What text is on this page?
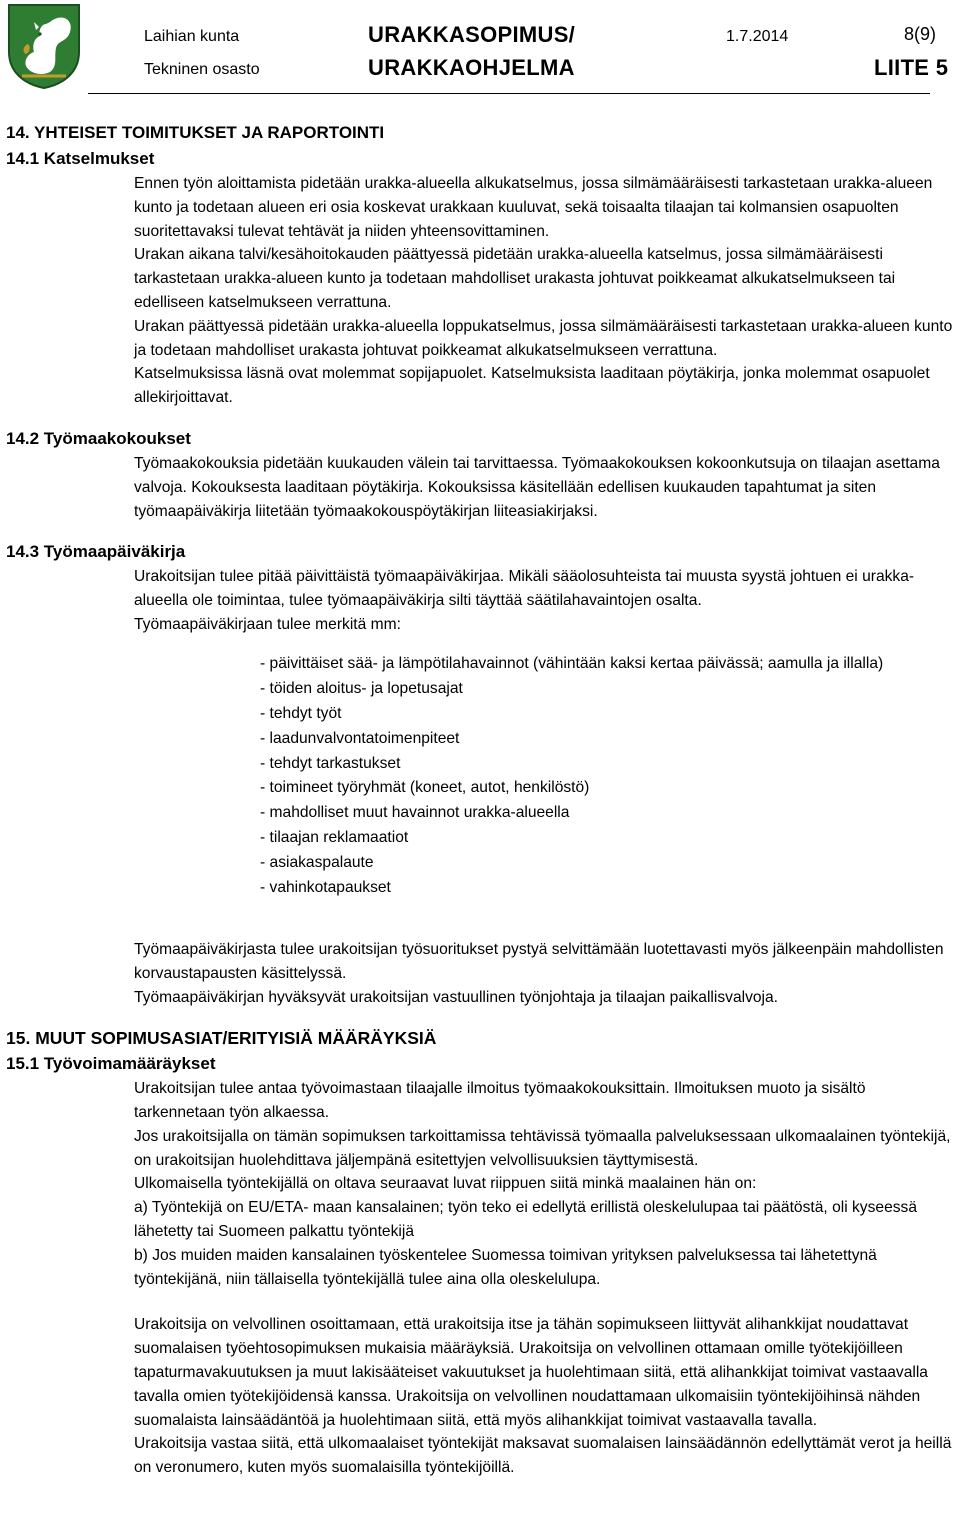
Laihian kunta
Tekninen osasto
URAKKASOPIMUS/
URAKKAOHJELMA
1.7.2014	8(9)
LIITE 5
14. YHTEISET TOIMITUKSET JA RAPORTOINTI
14.1 Katselmukset

Ennen työn aloittamista pidetään urakka-alueella alkukatselmus, jossa silmämääräisesti tarkastetaan urakka-alueen kunto ja todetaan alueen eri osia koskevat urakkaan kuuluvat, sekä toisaalta tilaajan tai kolmansien osapuolten suoritettavaksi tulevat tehtävät ja niiden yhteensovittaminen.

Urakan aikana talvi/kesähoitokauden päättyessä pidetään urakka-alueella katselmus, jossa silmämääräisesti tarkastetaan urakka-alueen kunto ja todetaan mahdolliset urakasta johtuvat poikkeamat alkukatselmukseen tai edelliseen katselmukseen verrattuna.

Urakan päättyessä pidetään urakka-alueella loppukatselmus, jossa silmämääräisesti tarkastetaan urakka-alueen kunto ja todetaan mahdolliset urakasta johtuvat poikkeamat alkukatselmukseen verrattuna.

Katselmuksissa läsnä ovat molemmat sopijapuolet. Katselmuksista laaditaan pöytäkirja, jonka molemmat osapuolet allekirjoittavat.

14.2 Työmaakokoukset

Työmaakokouksia pidetään kuukauden välein tai tarvittaessa. Työmaakokouksen kokoonkutsuja on tilaajan asettama valvoja. Kokouksesta laaditaan pöytäkirja. Kokouksissa käsitellään edellisen kuukauden tapahtumat ja siten työmaapäiväkirja liitetään työmaakokouspöytäkirjan liiteasiakirjaksi.

14.3 Työmaapäiväkirja

Urakoitsijan tulee pitää päivittäistä työmaapäiväkirjaa. Mikäli sääolosuhteista tai muusta syystä johtuen ei urakka-alueella ole toimintaa, tulee työmaapäiväkirja silti täyttää säätilahavaintojen osalta.

Työmaapäiväkirjaan tulee merkitä mm:

- päivittäiset sää- ja lämpötilahavainnot (vähintään kaksi kertaa päivässä; aamulla ja illalla)
- töiden aloitus- ja lopetusajat
- tehdyt työt
- laadunvalvontatoimenpiteet
- tehdyt tarkastukset
- toimineet työryhmät (koneet, autot, henkilöstö)
- mahdolliset muut havainnot urakka-alueella
- tilaajan reklamaatiot
- asiakaspalaute
- vahinkotapaukset

Työmaapäiväkirjasta tulee urakoitsijan työsuoritukset pystyä selvittämään luotettavasti myös jälkeenpäin mahdollisten korvaustapausten käsittelyssä.

Työmaapäiväkirjan hyväksyvät urakoitsijan vastuullinen työnjohtaja ja tilaajan paikallisvalvoja.

15. MUUT SOPIMUSASIAT/ERITYISIÄ MÄÄRÄYKSIÄ
15.1 Työvoimamääräykset

Urakoitsijan tulee antaa työvoimastaan tilaajalle ilmoitus työmaakokouksittain. Ilmoituksen muoto ja sisältö tarkennetaan työn alkaessa.

Jos urakoitsijalla on tämän sopimuksen tarkoittamissa tehtävissä työmaalla palveluksessaan ulkomaalainen työntekijä, on urakoitsijan huolehdittava jäljempänä esitettyjen velvollisuuksien täyttymisestä.

Ulkomaisella työntekijällä on oltava seuraavat luvat riippuen siitä minkä maalainen hän on:

a) Työntekijä on EU/ETA- maan kansalainen; työn teko ei edellytä erillistä oleskelulupaa tai päätöstä, oli kyseessä lähetetty tai Suomeen palkattu työntekijä

b) Jos muiden maiden kansalainen työskentelee Suomessa toimivan yrityksen palveluksessa tai lähetettynä työntekijänä, niin tällaisella työntekijällä tulee aina olla oleskelulupa.

Urakoitsija on velvollinen osoittamaan, että urakoitsija itse ja tähän sopimukseen liittyvät alihankkijat noudattavat suomalaisen työehtosopimuksen mukaisia määräyksiä. Urakoitsija on velvollinen ottamaan omille työtekijöilleen tapaturmavakuutuksen ja muut lakisääteiset vakuutukset ja huolehtimaan siitä, että alihankkijat toimivat vastaavalla tavalla omien työtekijöidensä kanssa. Urakoitsija on velvollinen noudattamaan ulkomaisiin työntekijöihinsä nähden suomalaista lainsäädäntöä ja huolehtimaan siitä, että myös alihankkijat toimivat vastaavalla tavalla.

Urakoitsija vastaa siitä, että ulkomaalaiset työntekijät maksavat suomalaisen lainsäädännön edellyttämät verot ja heillä on veronumero, kuten myös suomalaisilla työntekijöillä.
